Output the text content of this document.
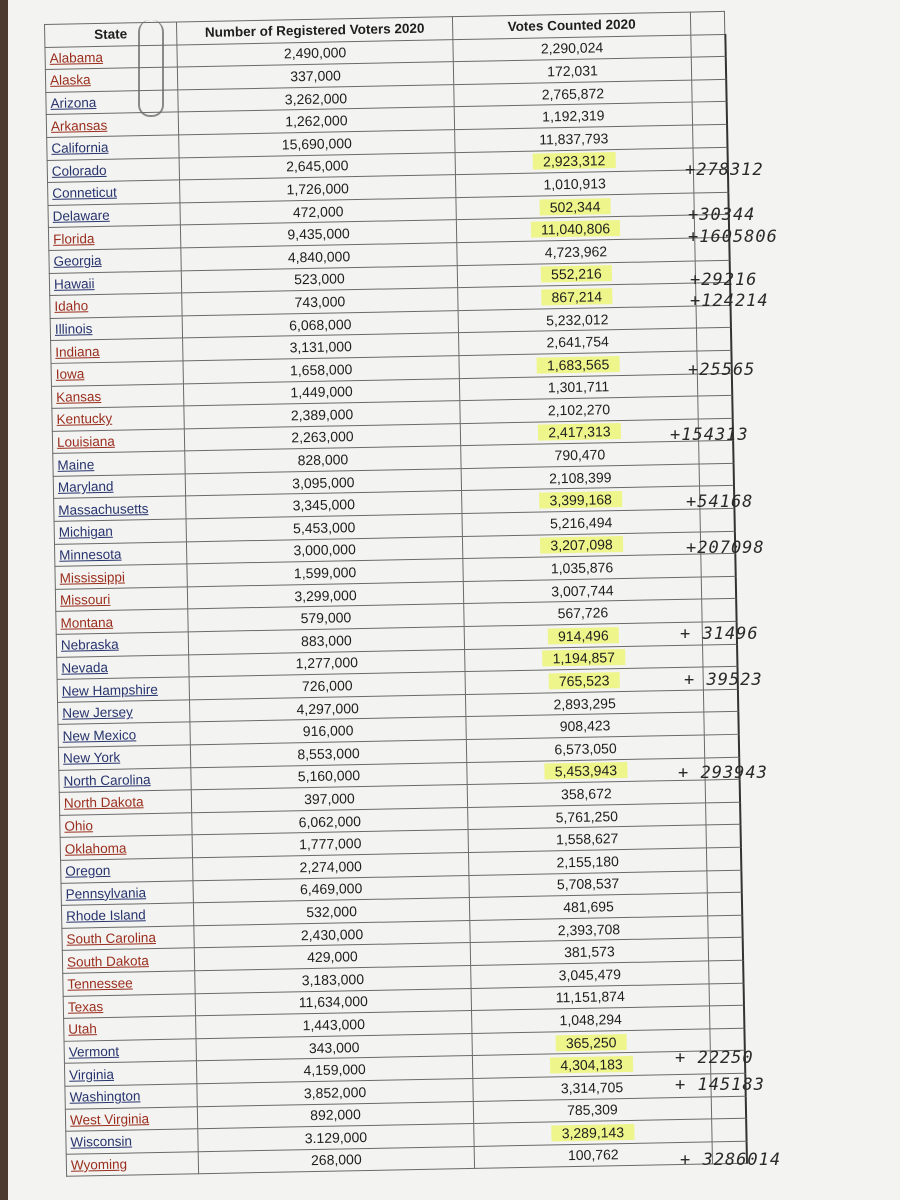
State	Number of Registered Voters 2020	Votes Counted 2020	
Alabama	2,490,000	2,290,024	
Alaska	337,000	172,031	
Arizona	3,262,000	2,765,872	
Arkansas	1,262,000	1,192,319	
California	15,690,000	11,837,793	
Colorado	2,645,000	2,923,312	
Conneticut	1,726,000	1,010,913	
Delaware	472,000	502,344	
Florida	9,435,000	11,040,806	
Georgia	4,840,000	4,723,962	
Hawaii	523,000	552,216	
Idaho	743,000	867,214	
Illinois	6,068,000	5,232,012	
Indiana	3,131,000	2,641,754	
Iowa	1,658,000	1,683,565	
Kansas	1,449,000	1,301,711	
Kentucky	2,389,000	2,102,270	
Louisiana	2,263,000	2,417,313	
Maine	828,000	790,470	
Maryland	3,095,000	2,108,399	
Massachusetts	3,345,000	3,399,168	
Michigan	5,453,000	5,216,494	
Minnesota	3,000,000	3,207,098	
Mississippi	1,599,000	1,035,876	
Missouri	3,299,000	3,007,744	
Montana	579,000	567,726	
Nebraska	883,000	914,496	
Nevada	1,277,000	1,194,857	
New Hampshire	726,000	765,523	
New Jersey	4,297,000	2,893,295	
New Mexico	916,000	908,423	
New York	8,553,000	6,573,050	
North Carolina	5,160,000	5,453,943	
North Dakota	397,000	358,672	
Ohio	6,062,000	5,761,250	
Oklahoma	1,777,000	1,558,627	
Oregon	2,274,000	2,155,180	
Pennsylvania	6,469,000	5,708,537	
Rhode Island	532,000	481,695	
South Carolina	2,430,000	2,393,708	
South Dakota	429,000	381,573	
Tennessee	3,183,000	3,045,479	
Texas	11,634,000	11,151,874	
Utah	1,443,000	1,048,294	
Vermont	343,000	365,250	
Virginia	4,159,000	4,304,183	
Washington	3,852,000	3,314,705	
West Virginia	892,000	785,309	
Wisconsin	3.129,000	3,289,143	
Wyoming	268,000	100,762	
+278312
+30344
+1605806
+29216
+124214
+25565
+154313
+54168
+207098
+ 31496
+ 39523
+ 293943
+ 22250
+ 145183
+ 3286014
